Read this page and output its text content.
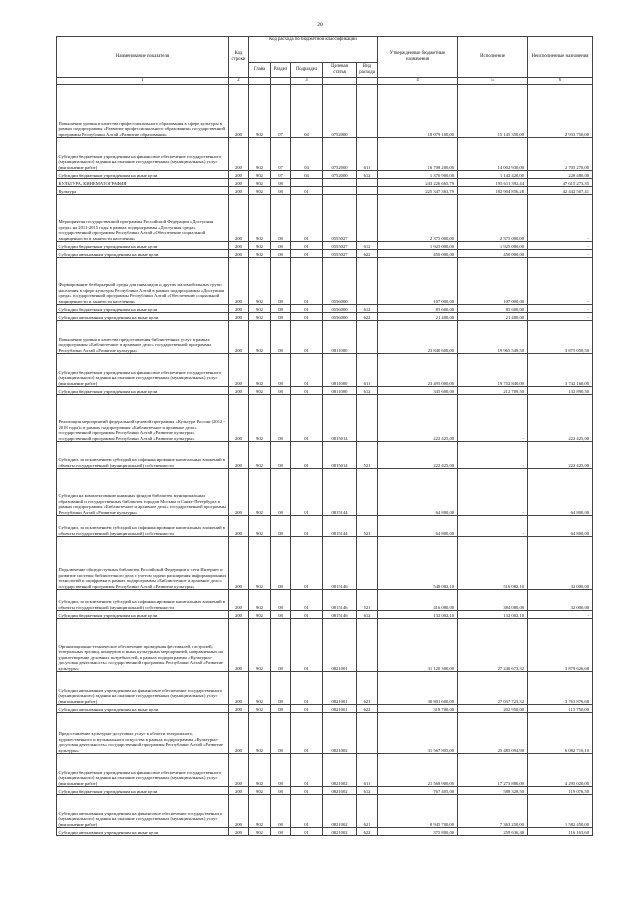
20
Наименование показателя	Код строки	Код расхода по бюджетной классификации					Утвержденные бюджетные назначения	Исполнение	Неисполненные назначения
		Глава	Раздел	Подраздел	Целевая статья	Вид расхода			
1	2			3			4	5	6
Повышение уровня и качества профессионального образования в сфере культуры в рамках подпрограммы «Развитие профессионального образования» государственной программы Республики Алтай «Развитие образования»	200	902	07	04	0752000		18 079 100,00	15 145 350,00	2 933 750,00
Субсидии бюджетным учреждениям на финансовое обеспечение государственного (муниципального) задания на оказание государственных (муниципальных) услуг (выполнение работ)	200	902	07	04	0752000	611	16 708 200,00	14 002 930,00	2 705 270,00
Субсидии бюджетным учреждениям на иные цели	200	902	07	04	0752000	612	1 370 900,00	1 142 420,00	228 480,00
КУЛЬТУРА, КИНЕМАТОГРАФИЯ	200	902	08				243 226 665,79	195 611 392,44	47 615 273,35
Культура	200	902	08	01			225 347 363,79	182 904 856,28	42 442 507,41
Мероприятия государственной программы Российской Федерации «Доступная среда» на 2011-2015 годы в рамках подпрограммы «Доступная среда» государственной программы Республики Алтай «Обеспечение социальной защищенности и занятости населения»	200	902	08	01	0555027		2 375 000,00	2 375 000,00	-
Субсидии бюджетным учреждениям на иные цели	200	902	08	01	0555027	612	1 925 000,00	1 925 000,00	-
Субсидии автономным учреждениям на иные цели	200	902	08	01	0555027	622	450 000,00	450 000,00	-
Формирование безбарьерной среды для инвалидов и других маломобильных групп населения в сфере культуры Республики Алтай в рамках подпрограммы «Доступная среда» государственной программы Республики Алтай «Обеспечение социальной защищенности и занятости населения»	200	902	08	01	0556000		107 000,00	107 000,00	-
Субсидии бюджетным учреждениям на иные цели	200	902	08	01	0556000	612	85 600,00	85 600,00	-
Субсидии автономным учреждениям на иные цели	200	902	08	01	0556000	622	21 400,00	21 400,00	-
Повышение уровня и качества предоставления библиотечных услуг в рамках подпрограммы «Библиотечное и архивное дело» государственной программы Республики Алтай «Развитие культуры»	200	902	08	01	0811000		23 840 600,00	19 965 549,50	3 875 050,50
Субсидии бюджетным учреждениям на финансовое обеспечение государственного (муниципального) задания на оказание государственных (муниципальных) услуг (выполнение работ)	200	902	08	01	0811000	611	23 495 000,00	19 752 840,00	3 742 160,00
Субсидии бюджетным учреждениям на иные цели	200	902	08	01	0811000	612	345 600,00	212 709,50	132 890,50
Реализация мероприятий федеральной целевой программы «Культура России (2012 - 2018 годы)» в рамках подпрограммы «Библиотечное и архивное дело» государственной программы Республики Алтай «Развитие культуры» государственной программы Республики Алтай «Развитие культуры»	200	902	08	01	0815014		222 425,00	-	222 425,00
Субсидии, за исключением субсидий на софинансирование капитальных вложений в объекты государственной (муниципальной) собственности	200	902	08	01	0815014	521	222 425,00	-	222 425,00
Субсидии на комплектование книжных фондов библиотек муниципальных образований и государственных библиотек городов Москвы и Санкт-Петербурга в рамках подпрограммы «Библиотечное и архивное дело» государственной программы Республики Алтай «Развитие культуры»	200	902	08	01	0815144		64 800,00	-	64 800,00
Субсидии, за исключением субсидий на софинансирование капитальных вложений в объекты государственной (муниципальной) собственности	200	902	08	01	0815144	521	64 800,00	-	64 800,00
Подключение общедоступных библиотек Российской Федерации к сети Интернет и развитие системы библиотечного дела с учетом задачи расширения информационных технологий и оцифровки в рамках подпрограммы «Библиотечное и архивное дело» государственной программы Республики Алтай «Развитие культуры»	200	902	08	01	0815146		548 082,10	516 082,10	32 000,00
Субсидии, за исключением субсидий на софинансирование капитальных вложений в объекты государственной (муниципальной) собственности	200	902	08	01	0815146	521	416 080,00	384 080,00	32 000,00
Субсидии бюджетным учреждениям на иные цели	200	902	08	01	0815146	612	132 002,10	132 002,10	-
Организационно-техническое обеспечение проведения фестивалей, гастролей, театральных зрелищ, концертов и иных культурных мероприятий, направленных на удовлетворение духовных потребностей, в рамках подпрограммы «Культурно-досуговая деятельность» государственной программы Республики Алтай «Развитие культуры»	200	902	08	01	0821001		31 120 300,00	27 240 673,32	3 879 626,68
Субсидии автономным учреждениям на финансовое обеспечение государственного (муниципального) задания на оказание государственных (муниципальных) услуг (выполнение работ)	200	902	08	01	0821001	621	30 801 600,00	27 037 723,32	3 763 876,68
Субсидии автономным учреждениям на иные цели	200	902	08	01	0821001	622	318 700,00	202 950,00	115 750,00
Предоставление культурно-досуговых услуг в области театрального, художественного и музыкального искусства в рамках подпрограммы «Культурно-досуговая деятельность» государственной программы Республики Алтай «Развитие культуры»	200	902	08	01	0821002		31 567 805,00	25 485 094,90	6 082 710,10
Субсидии бюджетным учреждениям на финансовое обеспечение государственного (муниципального) задания на оказание государственных (муниципальных) услуг (выполнение работ)	200	902	08	01	0821002	611	21 568 900,00	17 273 880,00	4 295 020,00
Субсидии бюджетным учреждениям на иные цели	200	902	08	01	0821002	612	767 405,00	588 328,50	119 076,50
Субсидии автономным учреждениям на финансовое обеспечение государственного (муниципального) задания на оказание государственных (муниципальных) услуг (выполнение работ)	200	902	08	01	0821002	621	8 945 700,00	7 363 250,00	1 582 450,00
Субсидии автономным учреждениям на иные цели	200	902	08	01	0821002	622	375 800,00	259 636,40	116 163,60
